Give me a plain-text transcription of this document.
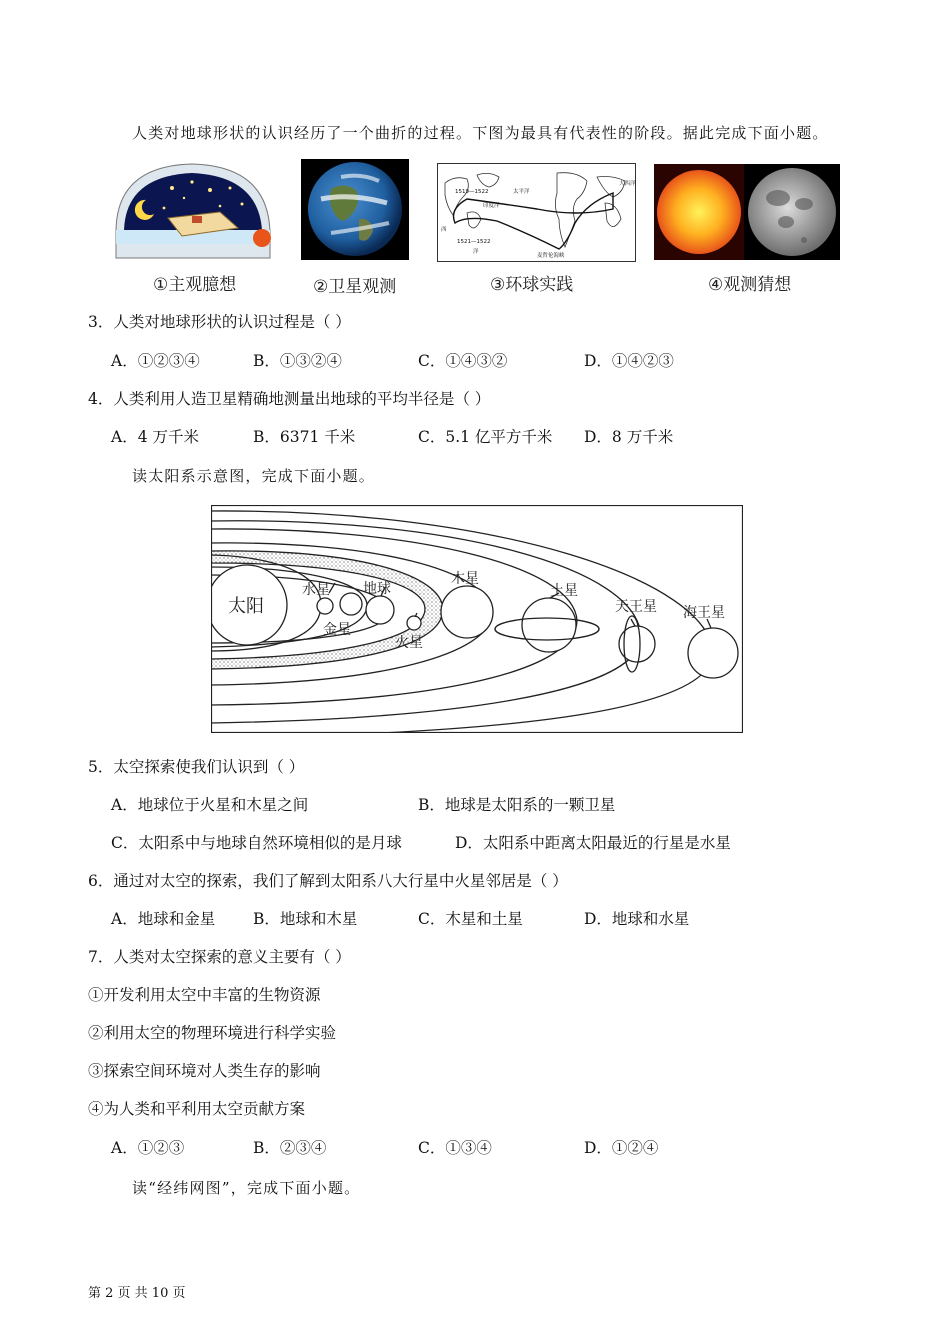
人类对地球形状的认识经历了一个曲折的过程。下图为最具有代表性的阶段。据此完成下面小题。
①主观臆想	②卫星观测
太平洋
大西洋
印度洋
西
洋
1519—1522
1521—1522
麦哲伦海峡
③环球实践	④观测猜想
3．人类对地球形状的认识过程是（ ）
A．①②③④	B．①③②④	C．①④③②	D．①④②③
4．人类利用人造卫星精确地测量出地球的平均半径是（ ）
A．4 万千米	B．6371 千米	C．5.1 亿平方千米 D．8 万千米
读太阳系示意图，完成下面小题。
太阳
水星
金星
地球
火星
木星
土星
天王星 海王星
5．太空探索使我们认识到（ ）
A．地球位于火星和木星之间	B．地球是太阳系的一颗卫星
C．太阳系中与地球自然环境相似的是月球	D．太阳系中距离太阳最近的行星是水星
6．通过对太空的探索，我们了解到太阳系八大行星中火星邻居是（ ）
A．地球和金星 B．地球和木星	C．木星和土星	D．地球和水星
7．人类对太空探索的意义主要有（ ）
①开发利用太空中丰富的生物资源
②利用太空的物理环境进行科学实验
③探索空间环境对人类生存的影响
④为人类和平利用太空贡献方案
A．①②③	B．②③④	C．①③④	D．①②④
读“经纬网图”，完成下面小题。
第 2 页 共 10 页
